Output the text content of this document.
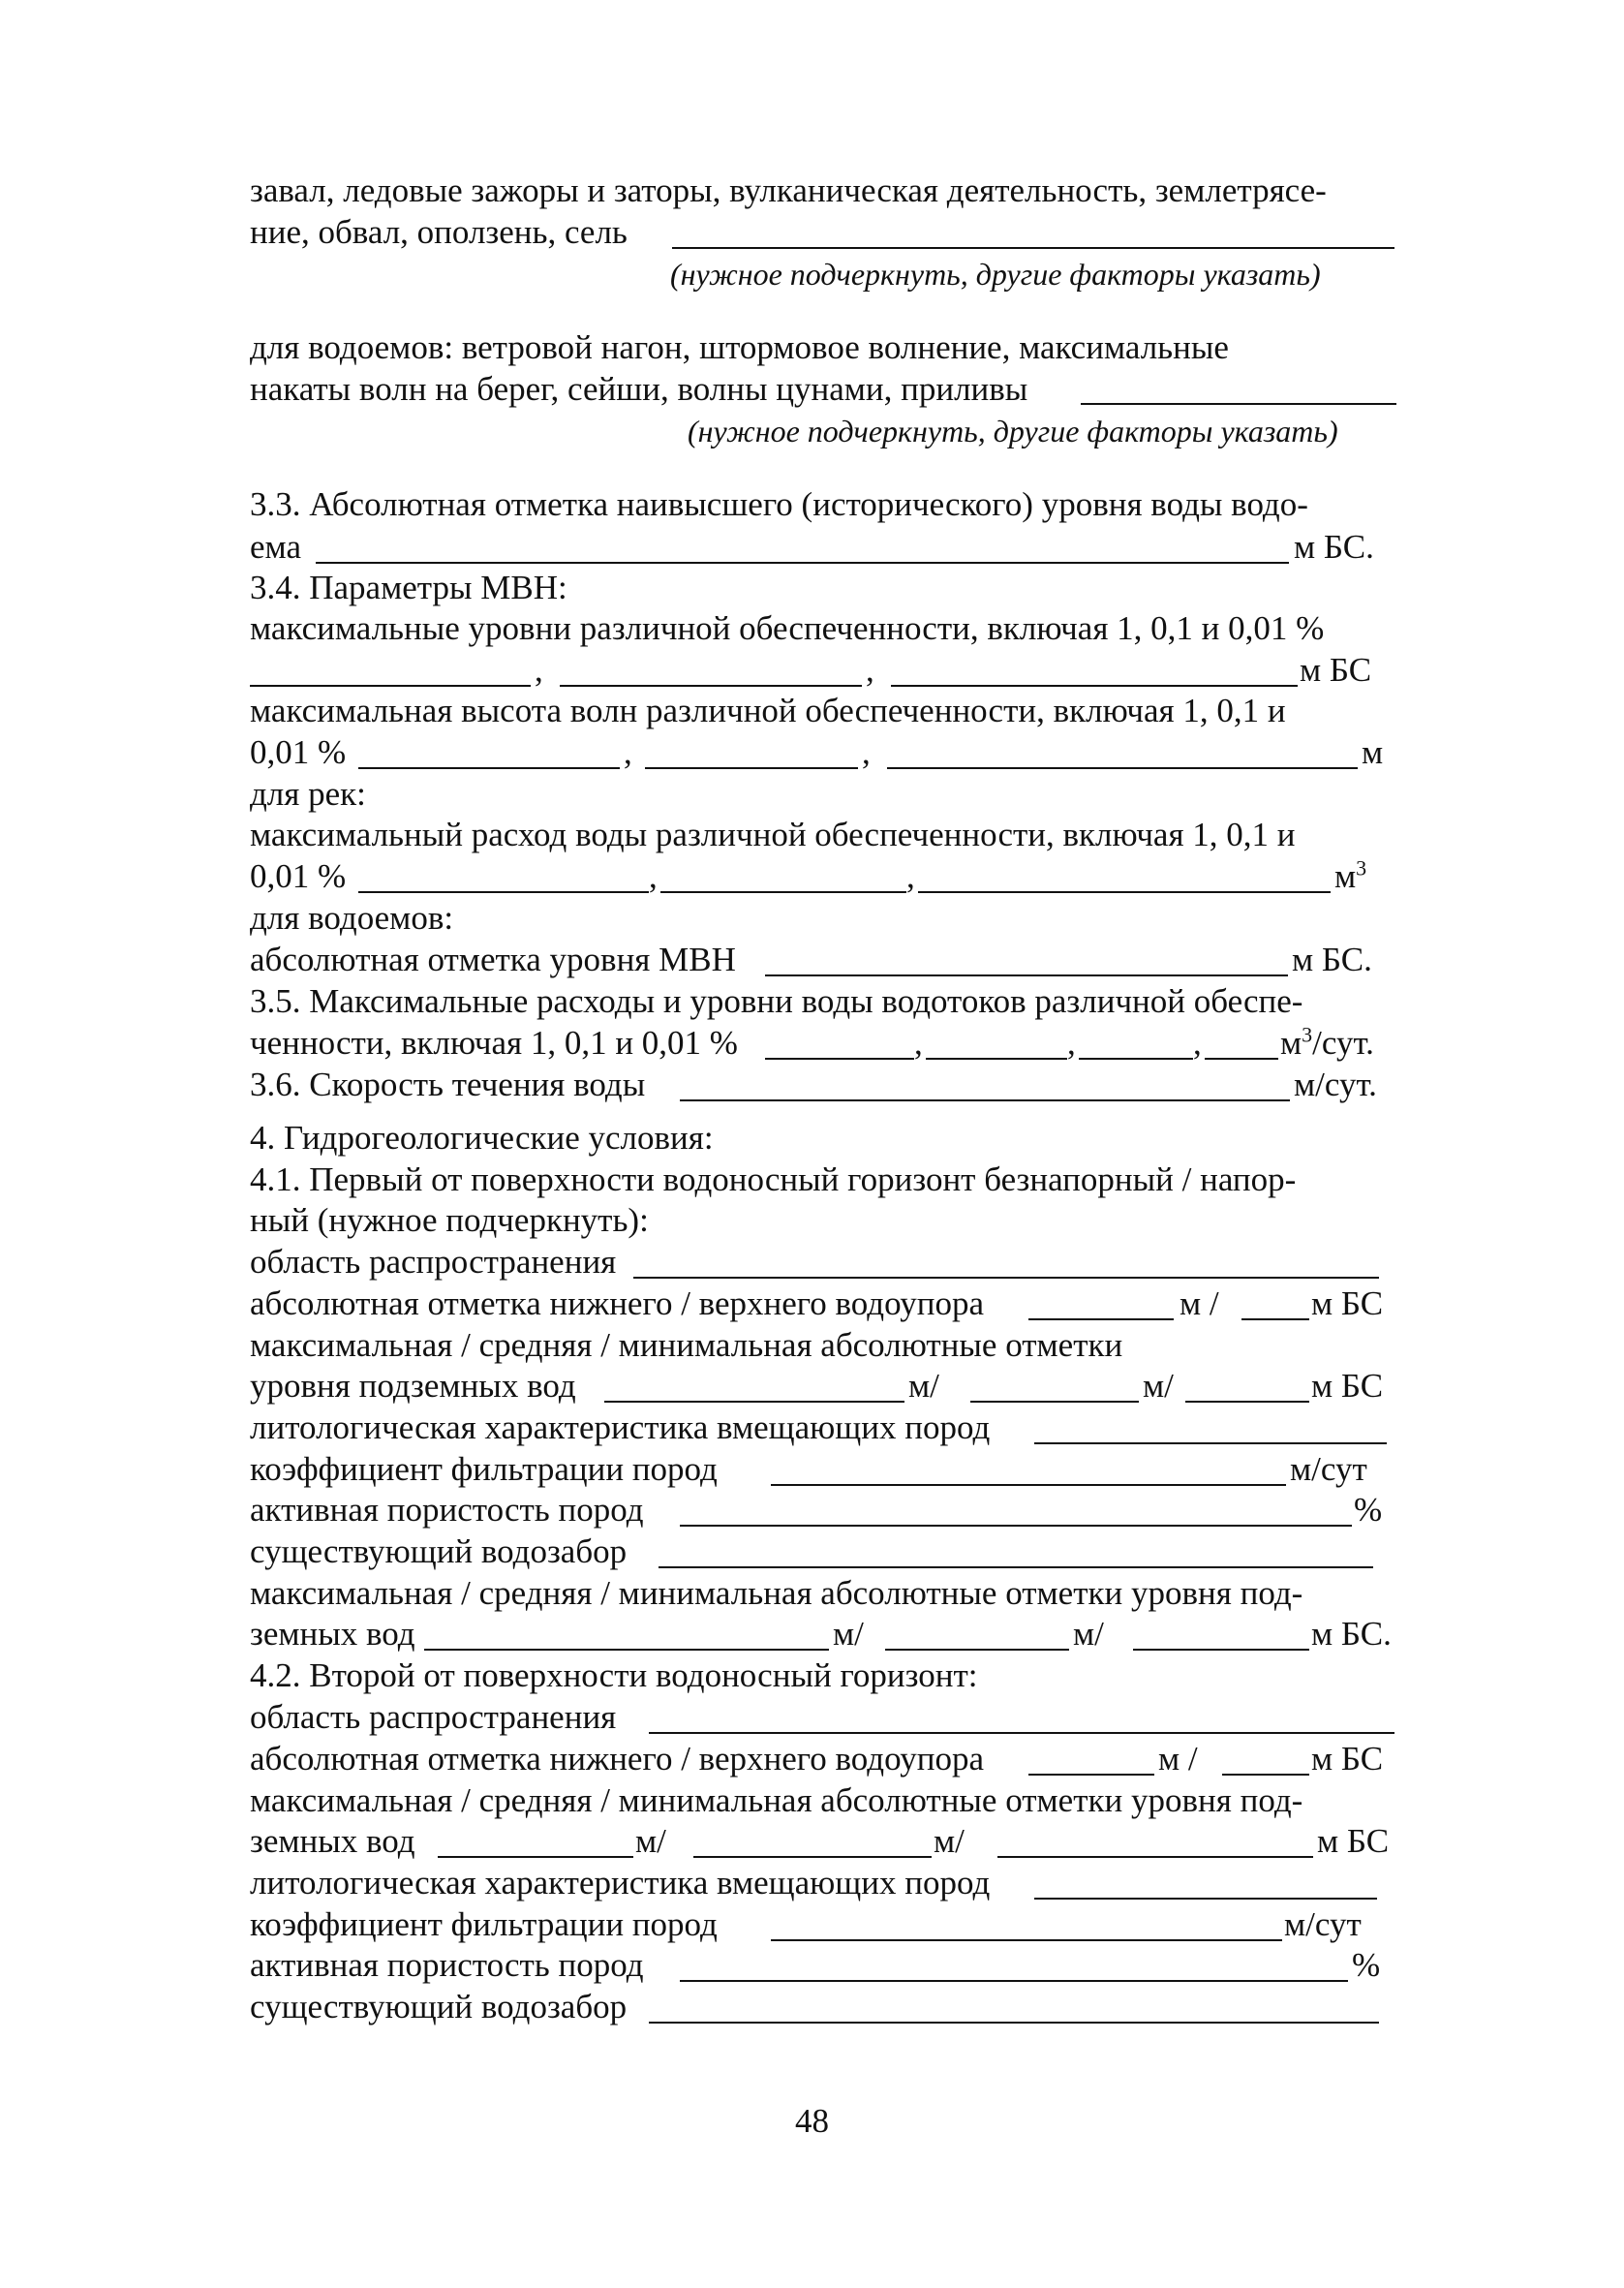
завал, ледовые зажоры и заторы, вулканическая деятельность, землетрясе-
ние, обвал, оползень, сель
(нужное подчеркнуть, другие факторы указать)
для водоемов: ветровой нагон, штормовое волнение, максимальные
накаты волн на берег, сейши, волны цунами, приливы
(нужное подчеркнуть, другие факторы указать)
3.3. Абсолютная отметка наивысшего (исторического) уровня воды водо-
ема	м БС.
3.4. Параметры МВН:
максимальные уровни различной обеспеченности, включая 1, 0,1 и 0,01 %
,	,	м БС
максимальная высота волн различной обеспеченности, включая 1, 0,1 и
0,01 %	,	,	м
для рек:
максимальный расход воды различной обеспеченности, включая 1, 0,1 и
0,01 %	,	,	$м^3$
для водоемов:
абсолютная отметка уровня МВН	м БС.
3.5. Максимальные расходы и уровни воды водотоков различной обеспе-
ченности, включая 1, 0,1 и 0,01 %	,	,	, $м^3$/сут.
3.6. Скорость течения воды	м/сут.
4. Гидрогеологические условия:
4.1. Первый от поверхности водоносный горизонт безнапорный / напор-
ный (нужное подчеркнуть):
область распространения
абсолютная отметка нижнего / верхнего водоупора	м /	м БС
максимальная / средняя / минимальная абсолютные отметки
уровня подземных вод	м/	м/	м БС
литологическая характеристика вмещающих пород
коэффициент фильтрации пород	м/сут
активная пористость пород	%
существующий водозабор
максимальная / средняя / минимальная абсолютные отметки уровня под-
земных вод	м/	м/	м БС.
4.2. Второй от поверхности водоносный горизонт:
область распространения
абсолютная отметка нижнего / верхнего водоупора	м /	м БС
максимальная / средняя / минимальная абсолютные отметки уровня под-
земных вод	м/	м/	м БС
литологическая характеристика вмещающих пород
коэффициент фильтрации пород	м/сут
активная пористость пород	%
существующий водозабор
48
